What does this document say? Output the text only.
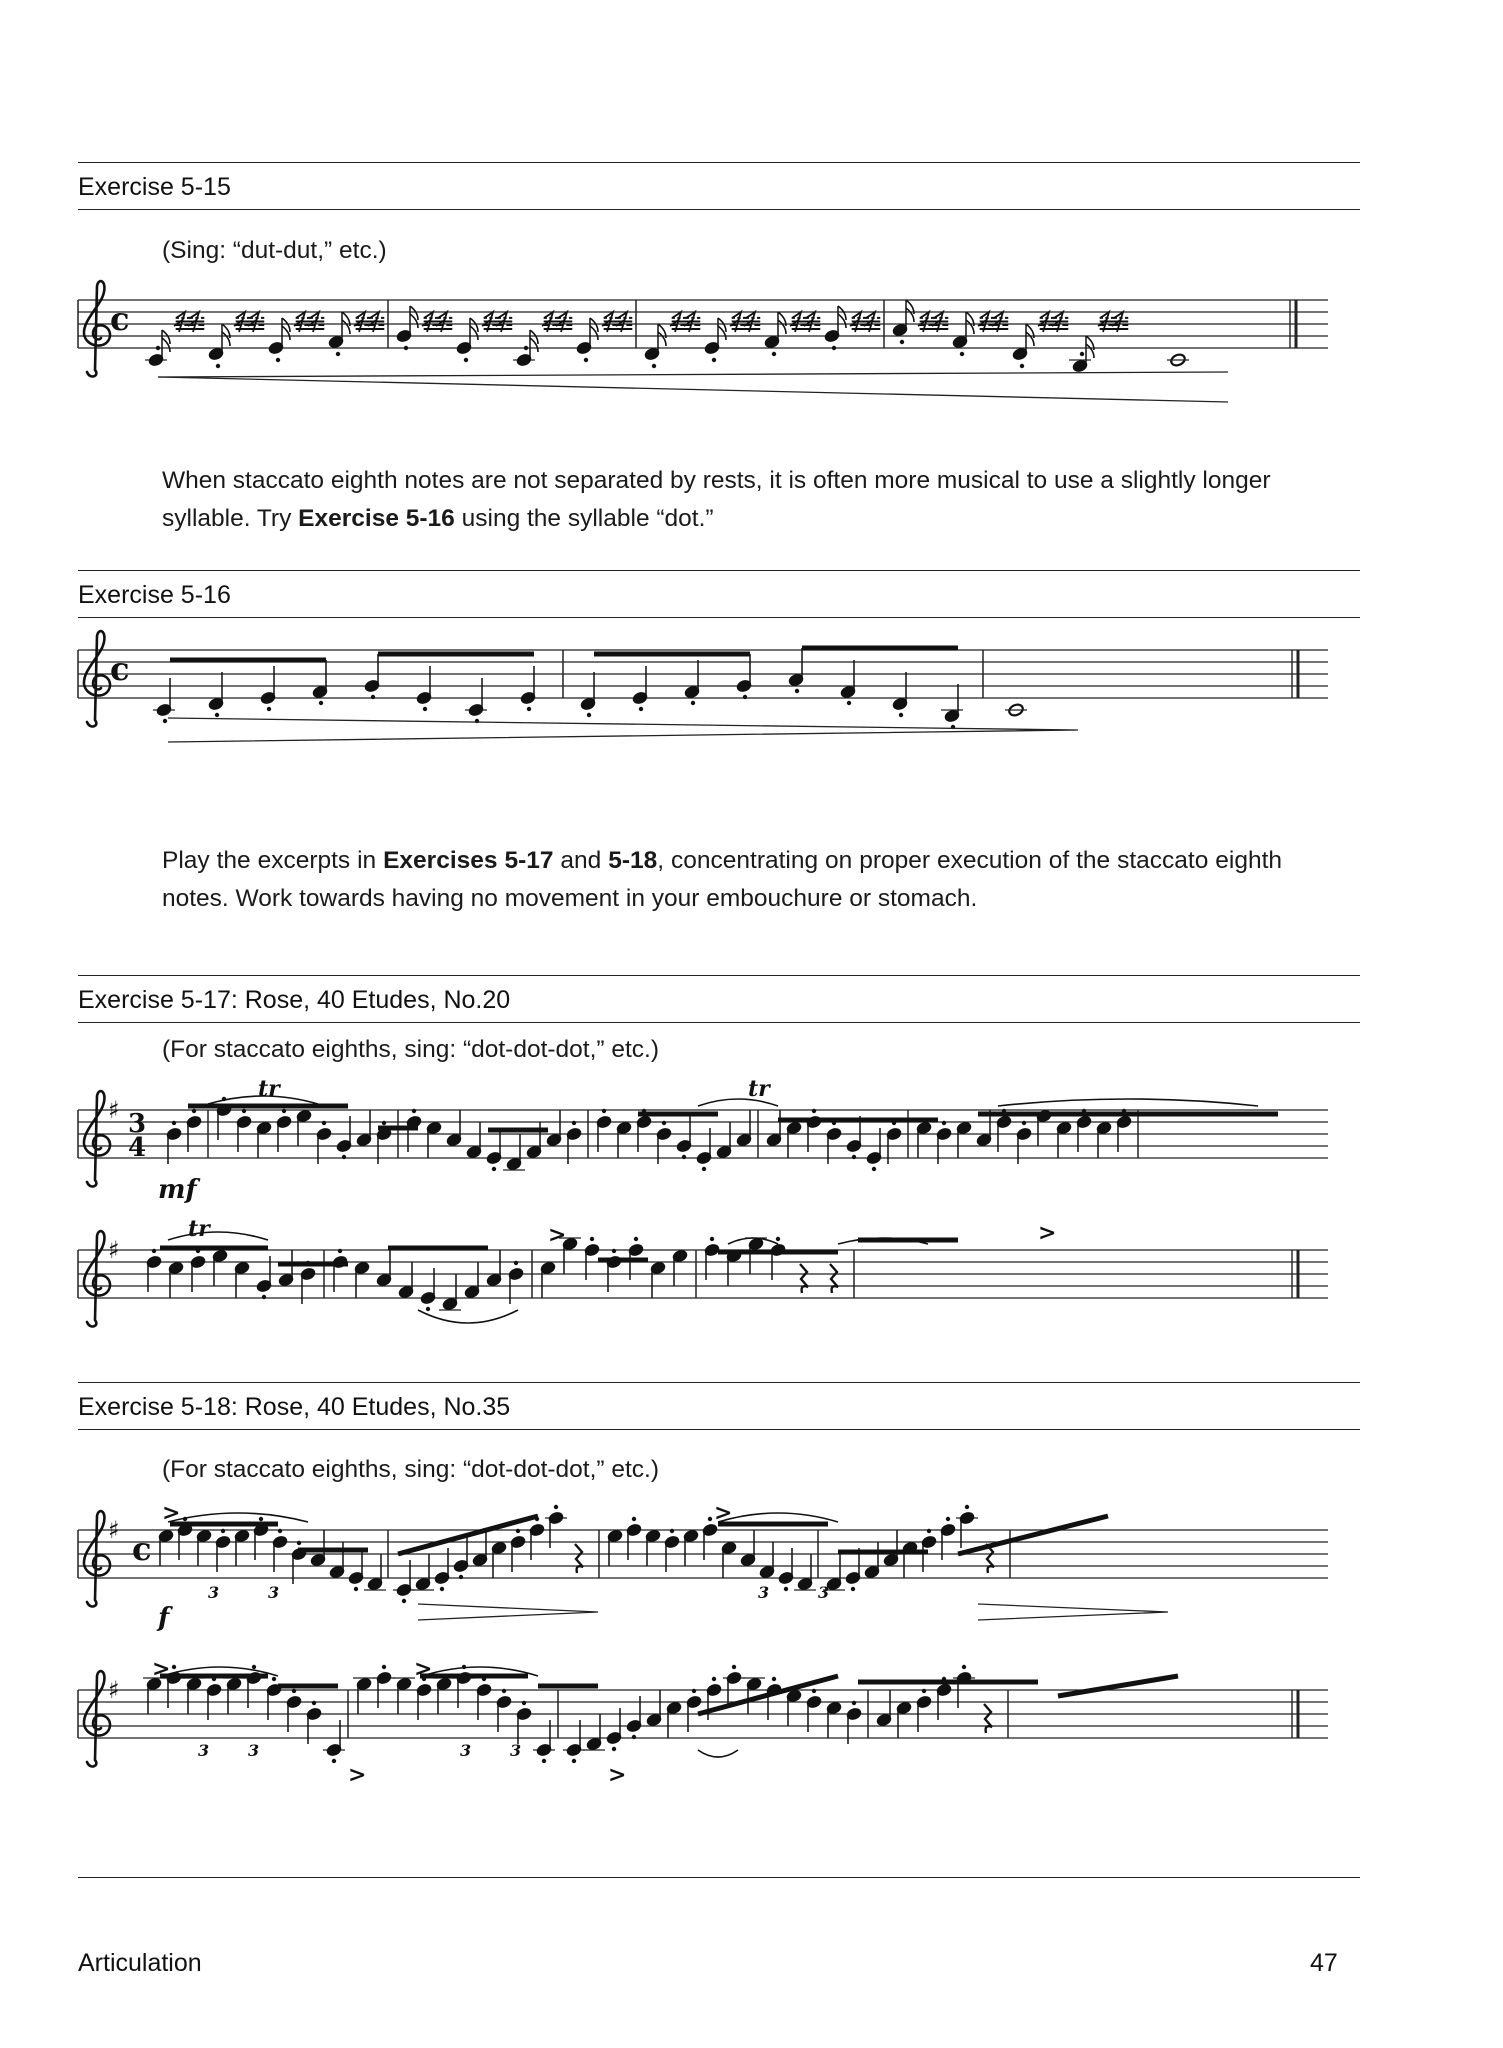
Exercise 5-15
(Sing: “dut-dut,” etc.)
c 𝌿
𝌿 𝌿
𝌿 𝌿
𝌿 𝌿
𝌿 𝌿
𝌿 𝌿
𝌿 𝌿
𝌿 𝌿
𝌿 𝌿
𝌿 𝌿
𝌿 𝌿
𝌿 𝌿
𝌿 𝌿
𝌿 𝌿
𝌿 𝌿
𝌿 𝌿
𝌿
When staccato eighth notes are not separated by rests, it is often more musical to use a slightly longer syllable. Try Exercise 5-16 using the syllable “dot.”
Exercise 5-16
c
Play the excerpts in Exercises 5-17 and 5-18, concentrating on proper execution of the staccato eighth notes. Work towards having no movement in your embouchure or stomach.
Exercise 5-17: Rose, 40 Etudes, No.20
(For staccato eighths, sing: “dot-dot-dot,” etc.)
♯ 3
4
tr	tr
mf
♯
tr	>	>
Exercise 5-18: Rose, 40 Etudes, No.35
(For staccato eighths, sing: “dot-dot-dot,” etc.)
♯
>	>
c
3	3	3	3
f
♯
>	>
>	>
3 3	3 3
Articulation	47
